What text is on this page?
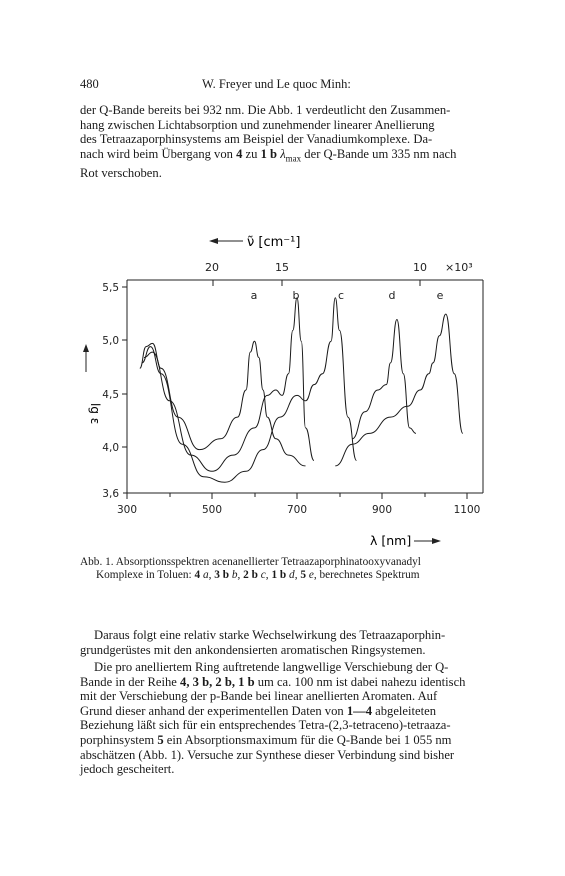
480	W. Freyer und Le quoc Minh:
der Q-Bande bereits bei 932 nm. Die Abb. 1 verdeutlicht den Zusammen-
hang zwischen Lichtabsorption und zunehmender linearer Anellierung
des Tetraazaporphinsystems am Beispiel der Vanadiumkomplexe. Da-
nach wird beim Übergang von 4 zu 1 b $\lambda_{max}$ der Q-Bande um 335 nm nach
Rot verschoben.
ν̃ [cm⁻¹]
20	15	10 ×10³
5,5
5,0
4,5
4,0
3,6
lg ε
300	500	700	900	1100
λ [nm]
a	b	c	d	e
Abb. 1. Absorptionsspektren acenanellierter Tetraazaporphinatooxyvanadyl
Komplexe in Toluen: 4 a, 3 b b, 2 b c, 1 b d, 5 e, berechnetes Spektrum
Daraus folgt eine relativ starke Wechselwirkung des Tetraazaporphin-
grundgerüstes mit den ankondensierten aromatischen Ringsystemen.
Die pro anelliertem Ring auftretende langwellige Verschiebung der Q-
Bande in der Reihe 4, 3 b, 2 b, 1 b um ca. 100 nm ist dabei nahezu identisch
mit der Verschiebung der p-Bande bei linear anellierten Aromaten. Auf
Grund dieser anhand der experimentellen Daten von 1—4 abgeleiteten
Beziehung läßt sich für ein entsprechendes Tetra-(2,3-tetraceno)-tetraaza-
porphinsystem 5 ein Absorptionsmaximum für die Q-Bande bei 1 055 nm
abschätzen (Abb. 1). Versuche zur Synthese dieser Verbindung sind bisher
jedoch gescheitert.
